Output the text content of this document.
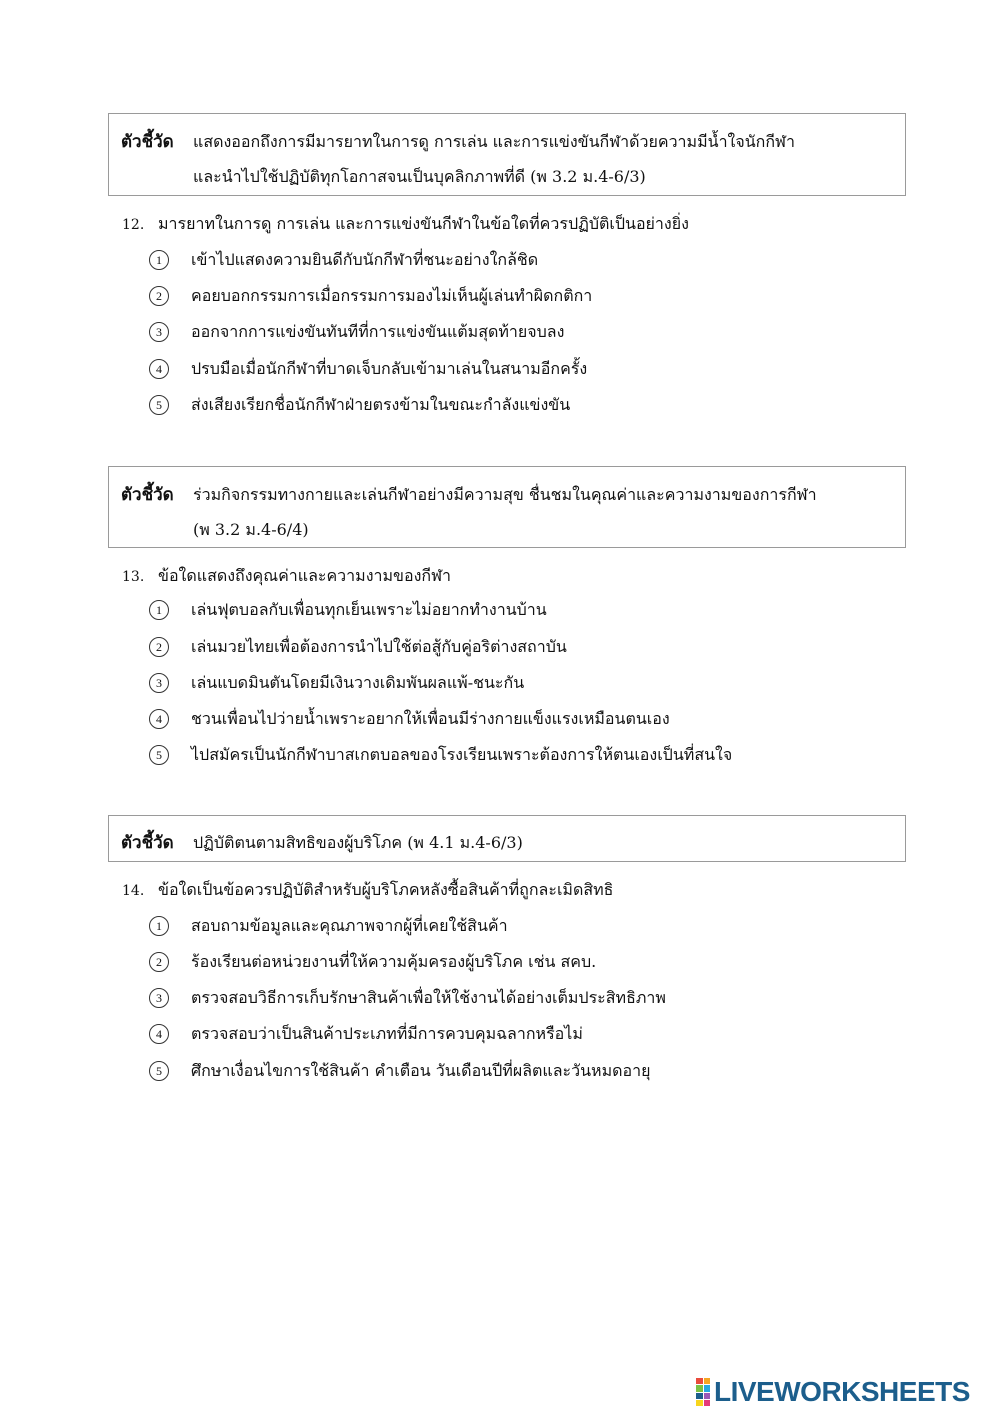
ตัวชี้วัด แสดงออกถึงการมีมารยาทในการดู การเล่น และการแข่งขันกีฬาด้วยความมีน้ำใจนักกีฬา
และนำไปใช้ปฏิบัติทุกโอกาสจนเป็นบุคลิกภาพที่ดี (พ 3.2 ม.4-6/3)
12. มารยาทในการดู การเล่น และการแข่งขันกีฬาในข้อใดที่ควรปฏิบัติเป็นอย่างยิ่ง
1	เข้าไปแสดงความยินดีกับนักกีฬาที่ชนะอย่างใกล้ชิด
2	คอยบอกกรรมการเมื่อกรรมการมองไม่เห็นผู้เล่นทำผิดกติกา
3	ออกจากการแข่งขันทันทีที่การแข่งขันแต้มสุดท้ายจบลง
4	ปรบมือเมื่อนักกีฬาที่บาดเจ็บกลับเข้ามาเล่นในสนามอีกครั้ง
5	ส่งเสียงเรียกชื่อนักกีฬาฝ่ายตรงข้ามในขณะกำลังแข่งขัน
ตัวชี้วัด ร่วมกิจกรรมทางกายและเล่นกีฬาอย่างมีความสุข ชื่นชมในคุณค่าและความงามของการกีฬา
(พ 3.2 ม.4-6/4)
13. ข้อใดแสดงถึงคุณค่าและความงามของกีฬา
1	เล่นฟุตบอลกับเพื่อนทุกเย็นเพราะไม่อยากทำงานบ้าน
2	เล่นมวยไทยเพื่อต้องการนำไปใช้ต่อสู้กับคู่อริต่างสถาบัน
3	เล่นแบดมินตันโดยมีเงินวางเดิมพันผลแพ้-ชนะกัน
4	ชวนเพื่อนไปว่ายน้ำเพราะอยากให้เพื่อนมีร่างกายแข็งแรงเหมือนตนเอง
5	ไปสมัครเป็นนักกีฬาบาสเกตบอลของโรงเรียนเพราะต้องการให้ตนเองเป็นที่สนใจ
ตัวชี้วัด ปฏิบัติตนตามสิทธิของผู้บริโภค (พ 4.1 ม.4-6/3)
14. ข้อใดเป็นข้อควรปฏิบัติสำหรับผู้บริโภคหลังซื้อสินค้าที่ถูกละเมิดสิทธิ
1	สอบถามข้อมูลและคุณภาพจากผู้ที่เคยใช้สินค้า
2	ร้องเรียนต่อหน่วยงานที่ให้ความคุ้มครองผู้บริโภค เช่น สคบ.
3	ตรวจสอบวิธีการเก็บรักษาสินค้าเพื่อให้ใช้งานได้อย่างเต็มประสิทธิภาพ
4	ตรวจสอบว่าเป็นสินค้าประเภทที่มีการควบคุมฉลากหรือไม่
5	ศึกษาเงื่อนไขการใช้สินค้า คำเตือน วันเดือนปีที่ผลิตและวันหมดอายุ
LIVEWORKSHEETS
